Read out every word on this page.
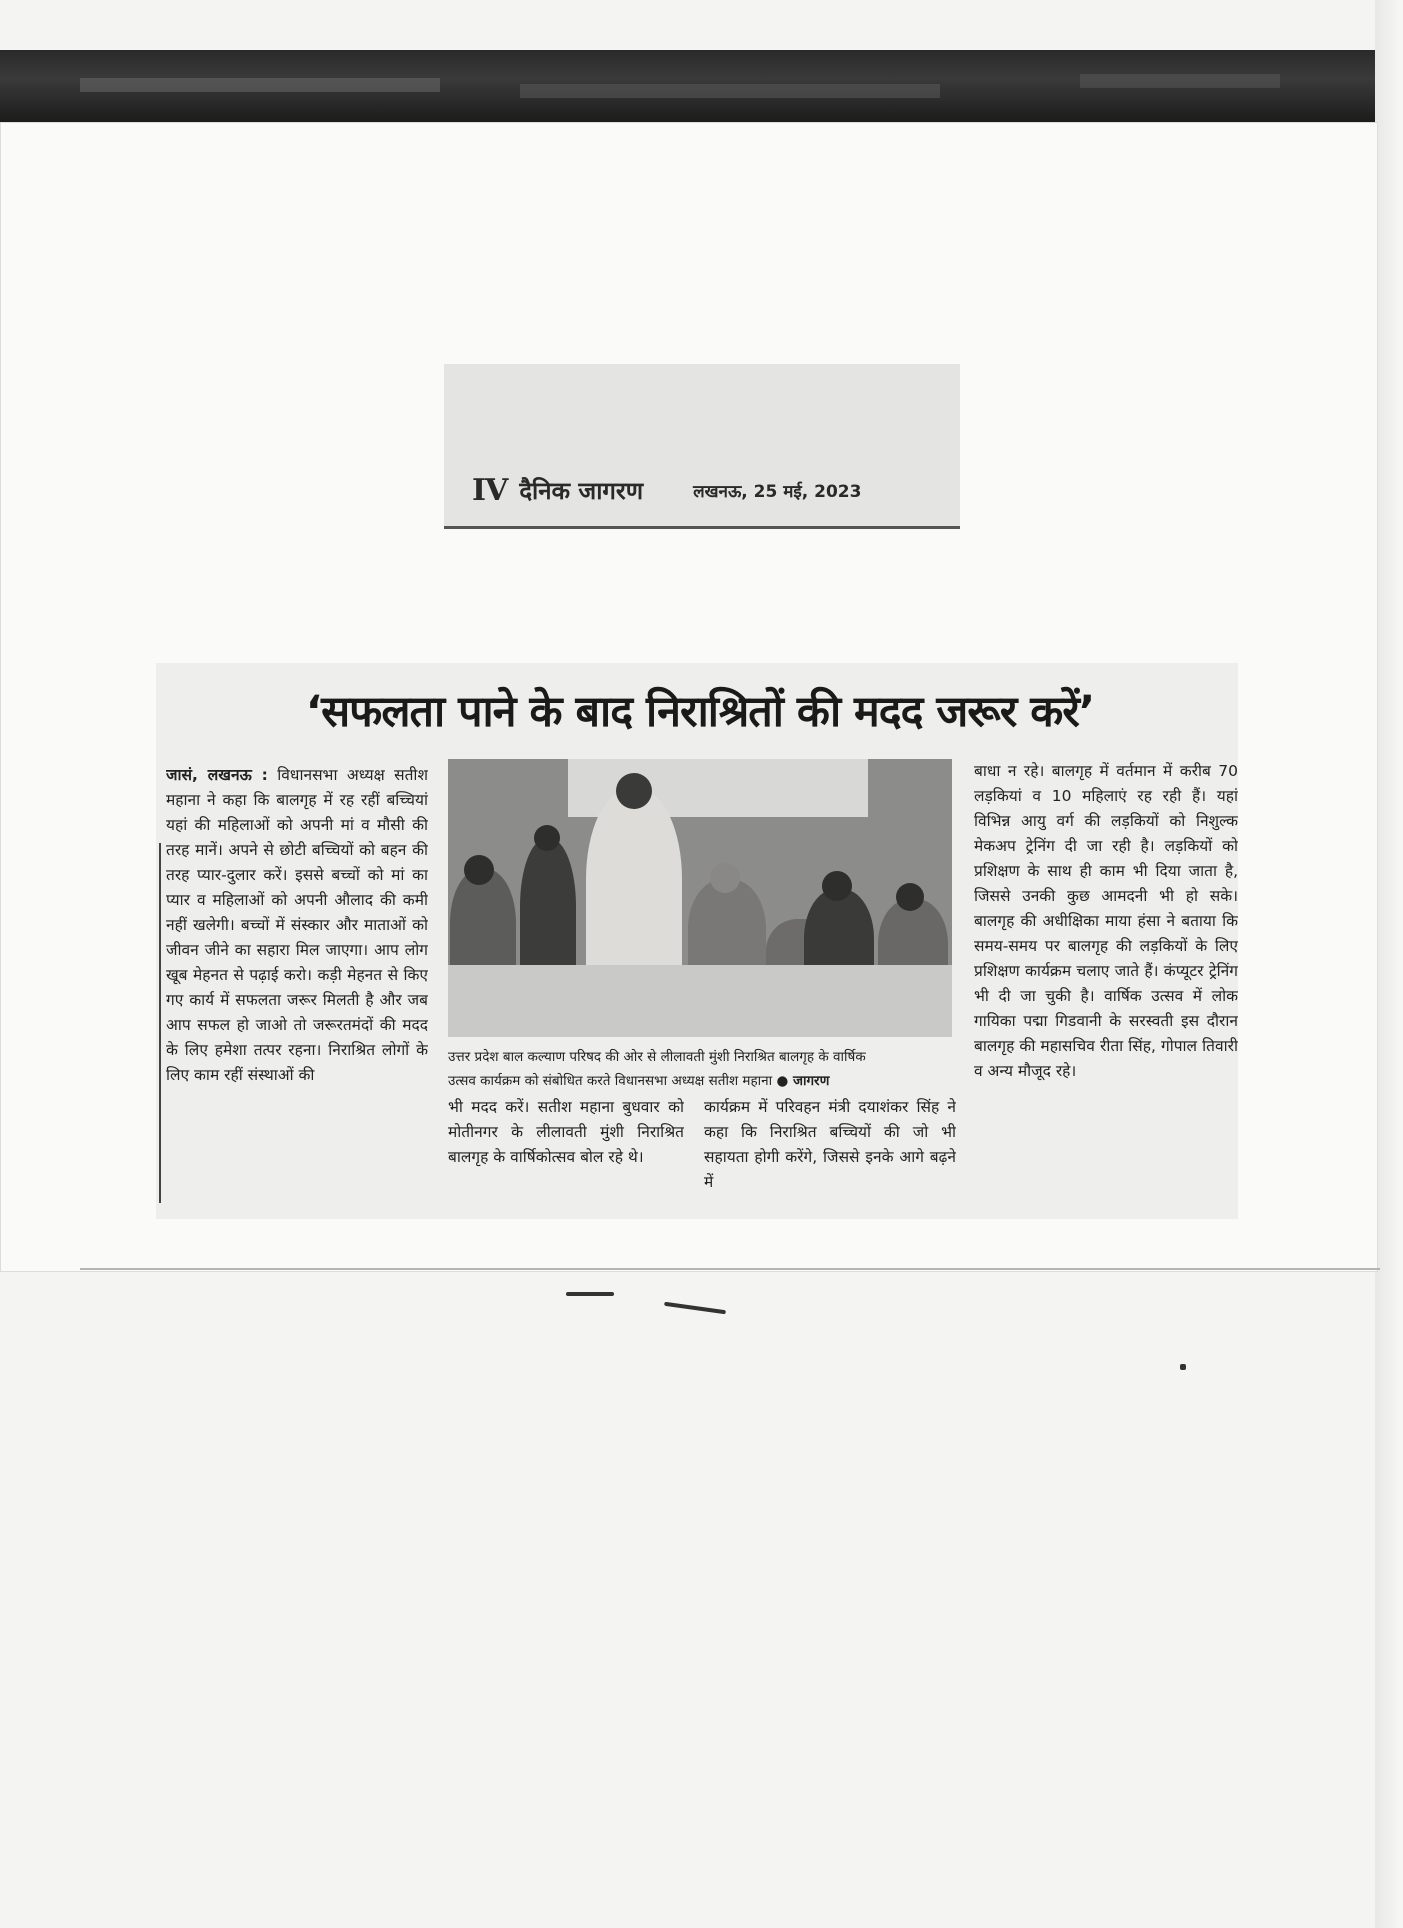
IV दैनिक जागरण	लखनऊ, 25 मई, 2023
‘सफलता पाने के बाद निराश्रितों की मदद जरूर करें’
जासं, लखनऊ : विधानसभा अध्यक्ष सतीश महाना ने कहा कि बालगृह में रह रहीं बच्चियां यहां की महिलाओं को अपनी मां व मौसी की तरह मानें। अपने से छोटी बच्चियों को बहन की तरह प्यार-दुलार करें। इससे बच्चों को मां का प्यार व महिलाओं को अपनी औलाद की कमी नहीं खलेगी। बच्चों में संस्कार और माताओं को जीवन जीने का सहारा मिल जाएगा। आप लोग खूब मेहनत से पढ़ाई करो। कड़ी मेहनत से किए गए कार्य में सफलता जरूर मिलती है और जब आप सफल हो जाओ तो जरूरतमंदों की मदद के लिए हमेशा तत्पर रहना। निराश्रित लोगों के लिए काम रहीं संस्थाओं की
उत्तर प्रदेश बाल कल्याण परिषद की ओर से लीलावती मुंशी निराश्रित बालगृह के वार्षिक
उत्सव कार्यक्रम को संबोधित करते विधानसभा अध्यक्ष सतीश महाना ● जागरण
भी मदद करें। सतीश महाना बुधवार को मोतीनगर के लीलावती मुंशी निराश्रित बालगृह के वार्षिकोत्सव बोल रहे थे।
कार्यक्रम में परिवहन मंत्री दयाशंकर सिंह ने कहा कि निराश्रित बच्चियों की जो भी सहायता होगी करेंगे, जिससे इनके आगे बढ़ने में
बाधा न रहे। बालगृह में वर्तमान में करीब 70 लड़कियां व 10 महिलाएं रह रही हैं। यहां विभिन्न आयु वर्ग की लड़कियों को निशुल्क मेकअप ट्रेनिंग दी जा रही है। लड़कियों को प्रशिक्षण के साथ ही काम भी दिया जाता है, जिससे उनकी कुछ आमदनी भी हो सके। बालगृह की अधीक्षिका माया हंसा ने बताया कि समय-समय पर बालगृह की लड़कियों के लिए प्रशिक्षण कार्यक्रम चलाए जाते हैं। कंप्यूटर ट्रेनिंग भी दी जा चुकी है। वार्षिक उत्सव में लोक गायिका पद्मा गिडवानी के सरस्वती इस दौरान बालगृह की महासचिव रीता सिंह, गोपाल तिवारी व अन्य मौजूद रहे।
